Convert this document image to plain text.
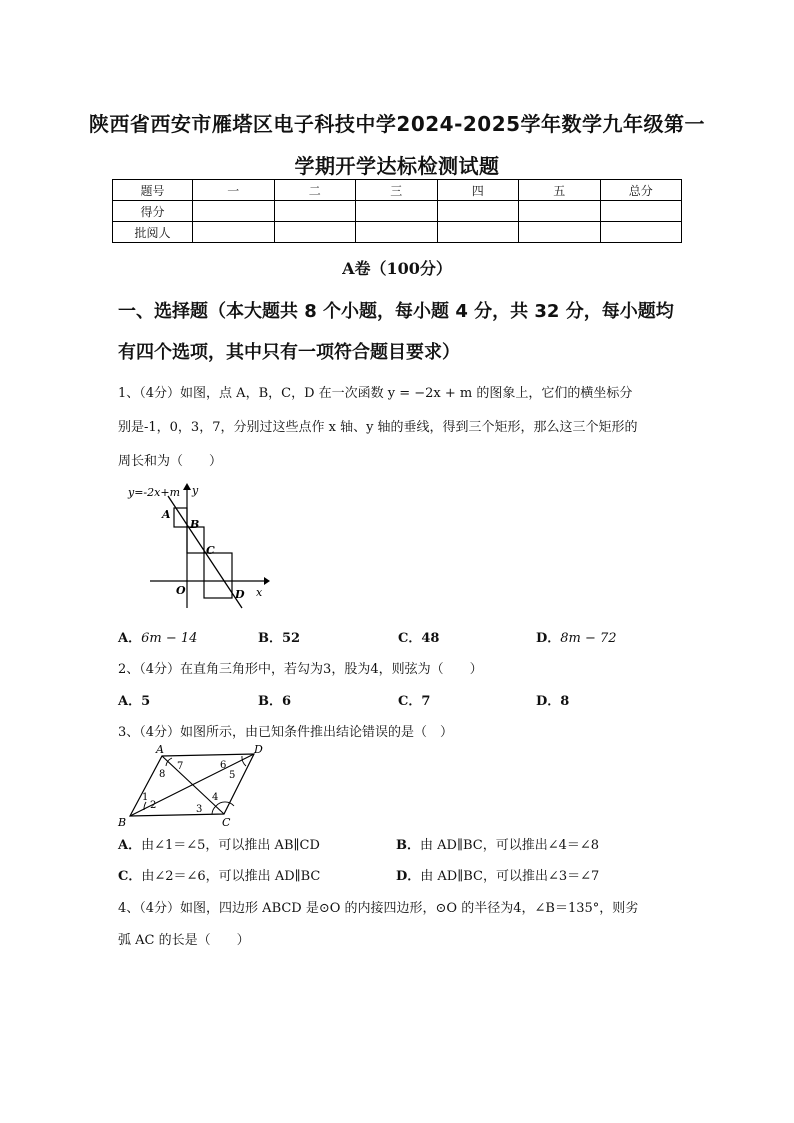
陕西省西安市雁塔区电子科技中学2024-2025学年数学九年级第一
学期开学达标检测试题
题号	一	二	三	四	五	总分
得分						
批阅人						
A卷（100分）
一、选择题（本大题共 8 个小题，每小题 4 分，共 32 分，每小题均
有四个选项，其中只有一项符合题目要求）
1、（4分）如图，点 A，B，C，D 在一次函数 y = −2x + m 的图象上，它们的横坐标分
别是-1，0，3，7，分别过这些点作 x 轴、y 轴的垂线，得到三个矩形，那么这三个矩形的
周长和为（　　）
y=-2x+m y
x
O
A
B
C
D
A．6m − 14	B．52	C．48	D．8m − 72
2、（4分）在直角三角形中，若勾为3，股为4，则弦为（　　）
A．5	B．6	C．7	D．8
3、（4分）如图所示，由已知条件推出结论错误的是（　）
A	D
B	C
1
2	3
4
5
6
7
8
A．由∠1＝∠5，可以推出 AB∥CD	B．由 AD∥BC，可以推出∠4＝∠8
C．由∠2＝∠6，可以推出 AD∥BC	D．由 AD∥BC，可以推出∠3＝∠7
4、（4分）如图，四边形 ABCD 是⊙O 的内接四边形，⊙O 的半径为4，∠B＝135°，则劣
弧 AC 的长是（　　）
